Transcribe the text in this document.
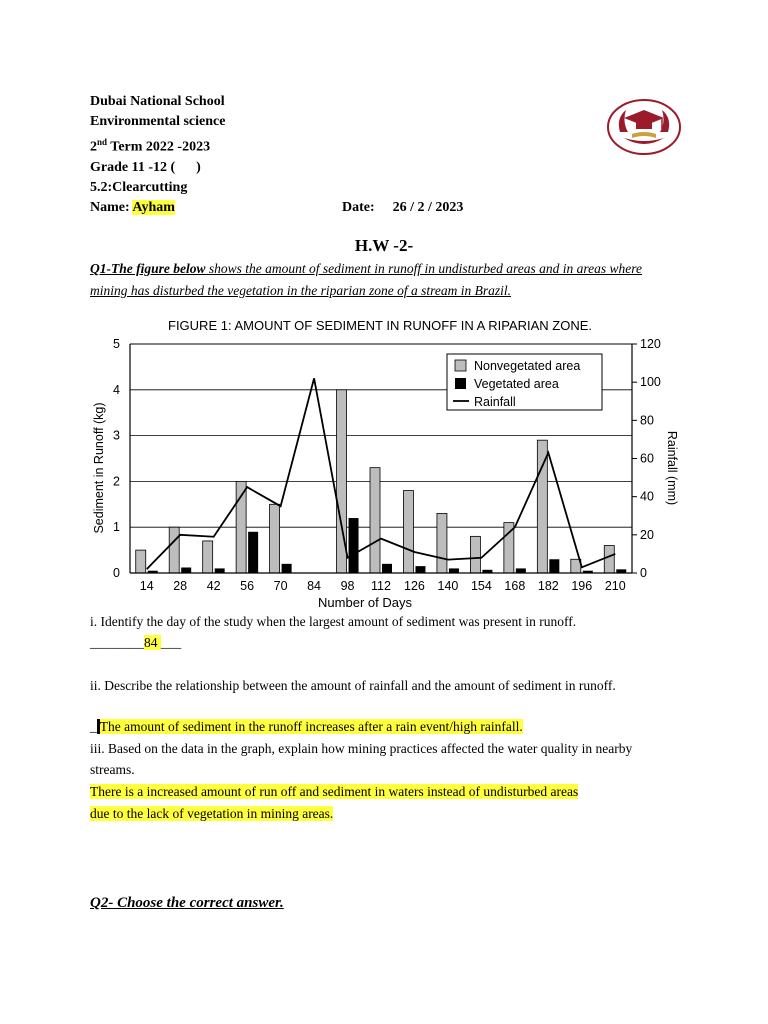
Dubai National School
Environmental science
2nd Term 2022 -2023
Grade 11 -12 (      )
5.2:Clearcutting
Name: Ayham	Date: 26 / 2 / 2023
H.W -2-
Q1-The figure below shows the amount of sediment in runoff in undisturbed areas and in areas where mining has disturbed the vegetation in the riparian zone of a stream in Brazil.
FIGURE 1: AMOUNT OF SEDIMENT IN RUNOFF IN A RIPARIAN ZONE.
Sediment in Runoff (kg)	Rainfall (mm)
Number of Days
0
1
2
3
4
5
0
20
40
60
80
100
120
14 28 42 56 70 84 98 112 126 140 154 168 182 196 210
Nonvegetated area
Vegetated area
Rainfall
i. Identify the day of the study when the largest amount of sediment was present in runoff.
________84 ___
ii. Describe the relationship between the amount of rainfall and the amount of sediment in runoff.
_ The amount of sediment in the runoff increases after a rain event/high rainfall.
iii. Based on the data in the graph, explain how mining practices affected the water quality in nearby streams.
There is a increased amount of run off and sediment in waters instead of undisturbed areas
due to the lack of vegetation in mining areas.
Q2- Choose the correct answer.
